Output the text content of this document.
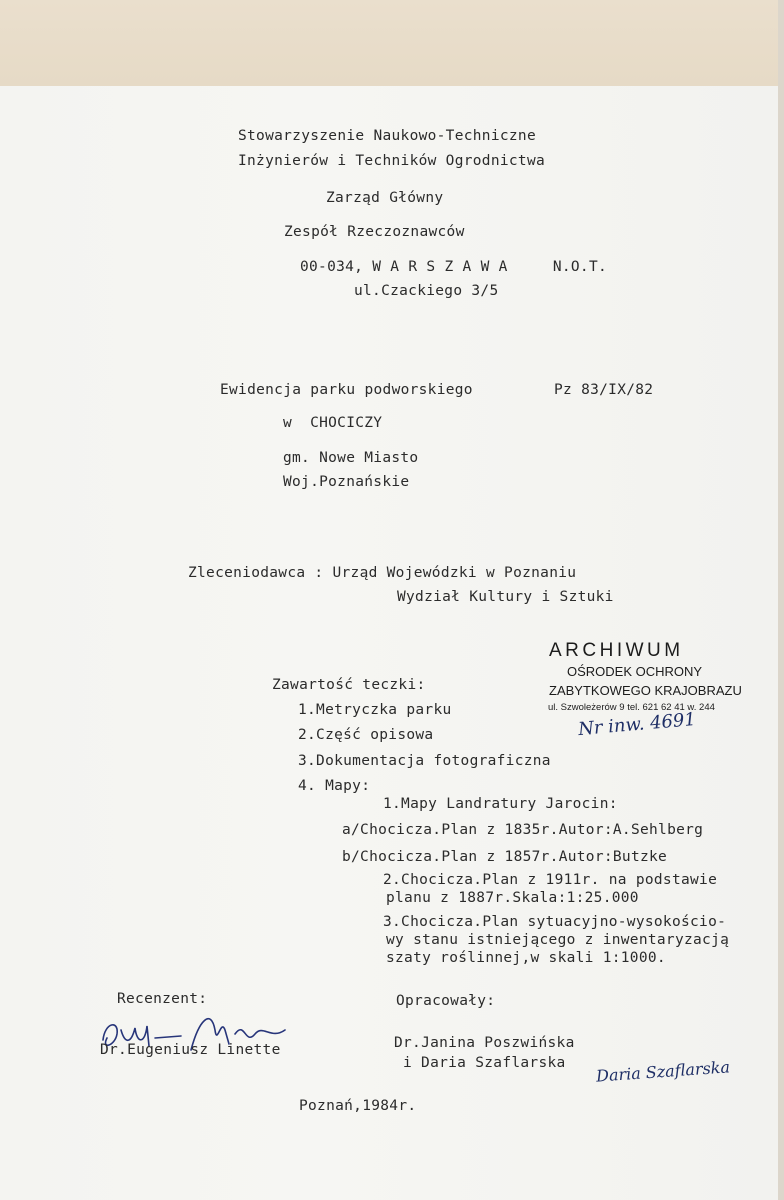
Stowarzyszenie Naukowo-Techniczne
Inżynierów i Techników Ogrodnictwa
Zarząd Główny
Zespół Rzeczoznawców
00-034, W A R S Z A W A     N.O.T.
ul.Czackiego 3/5
Ewidencja parku podworskiego	Pz 83/IX/82
w  CHOCICZY
gm. Nowe Miasto
Woj.Poznańskie
Zleceniodawca : Urząd Wojewódzki w Poznaniu
Wydział Kultury i Sztuki
ARCHIWUM
OŚRODEK OCHRONY
ZABYTKOWEGO KRAJOBRAZU
ul. Szwoleżerów 9 tel. 621 62 41 w. 244
Nr inw. 4691
Zawartość teczki:
1.Metryczka parku
2.Część opisowa
3.Dokumentacja fotograficzna
4. Mapy:
1.Mapy Landratury Jarocin:
a/Chocicza.Plan z 1835r.Autor:A.Sehlberg
b/Chocicza.Plan z 1857r.Autor:Butzke
2.Chocicza.Plan z 1911r. na podstawie
planu z 1887r.Skala:1:25.000
3.Chocicza.Plan sytuacyjno-wysokościo-
wy stanu istniejącego z inwentaryzacją
szaty roślinnej,w skali 1:1000.
Recenzent:
Dr.Eugeniusz Linette
Opracowały:
Dr.Janina Poszwińska
i Daria Szaflarska Daria Szaflarska
Poznań,1984r.
